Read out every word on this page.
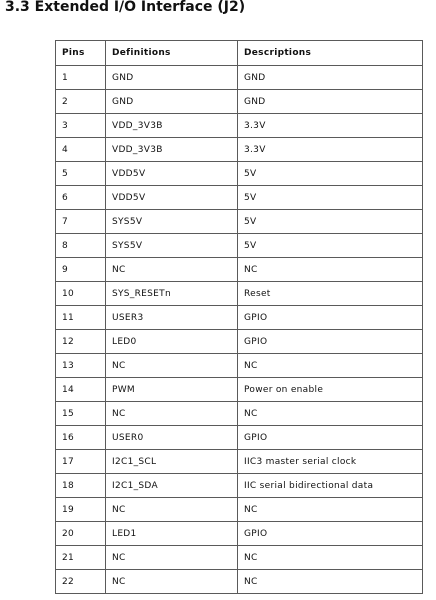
3.3 Extended I/O Interface (J2)
Pins	Definitions	Descriptions
1	GND	GND
2	GND	GND
3	VDD_3V3B	3.3V
4	VDD_3V3B	3.3V
5	VDD5V	5V
6	VDD5V	5V
7	SYS5V	5V
8	SYS5V	5V
9	NC	NC
10	SYS_RESETn	Reset
11	USER3	GPIO
12	LED0	GPIO
13	NC	NC
14	PWM	Power on enable
15	NC	NC
16	USER0	GPIO
17	I2C1_SCL	IIC3 master serial clock
18	I2C1_SDA	IIC serial bidirectional data
19	NC	NC
20	LED1	GPIO
21	NC	NC
22	NC	NC
